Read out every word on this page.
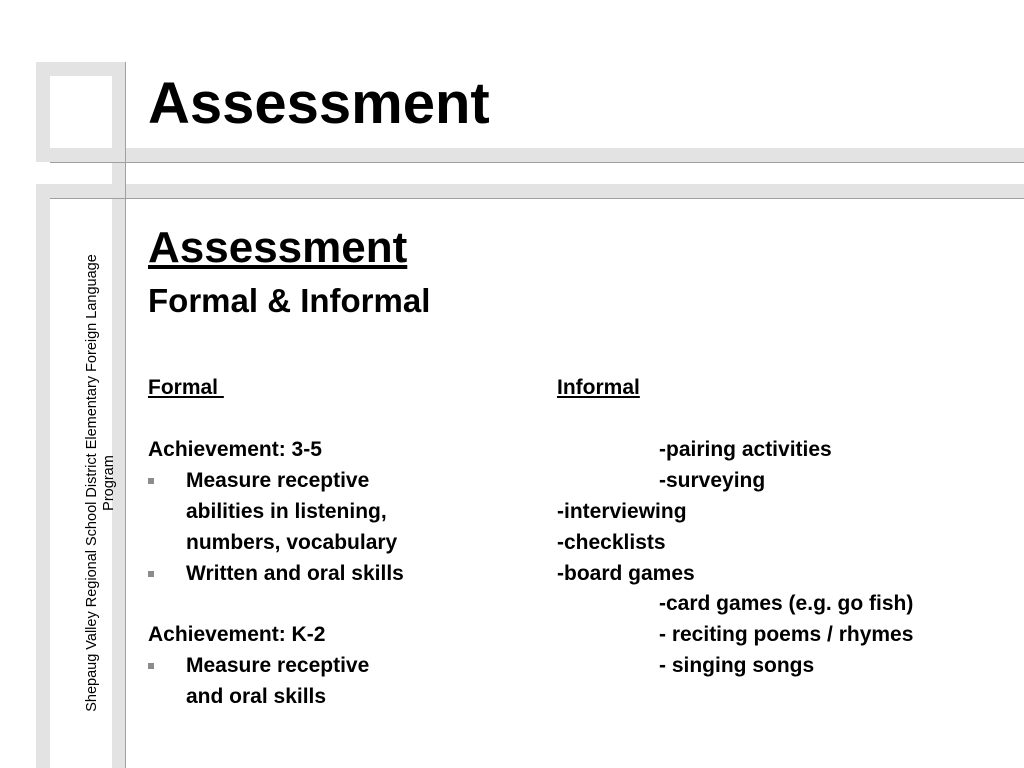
Assessment
Shepaug Valley Regional School District Elementary Foreign Language Program
Assessment
Formal & Informal
Formal
Achievement: 3-5
Measure receptive
abilities in listening,
numbers, vocabulary
Written and oral skills
Achievement: K-2
Measure receptive
and oral skills
Informal
-pairing activities
-surveying
-interviewing
-checklists
-board games
-card games (e.g. go fish)
- reciting poems / rhymes
- singing songs
